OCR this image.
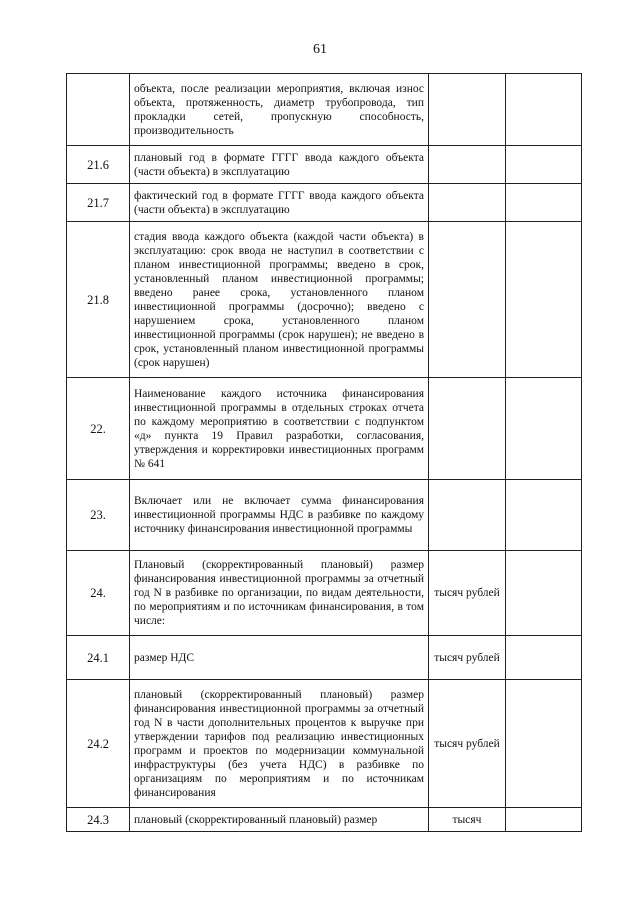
61

	объекта, после реализации мероприятия, включая износ объекта, протяженность, диаметр трубопровода, тип прокладки сетей, пропускную способность, производительность		

21.6	плановый год в формате ГГГГ ввода каждого объекта (части объекта) в эксплуатацию		

21.7	фактический год в формате ГГГГ ввода каждого объекта (части объекта) в эксплуатацию		

21.8	стадия ввода каждого объекта (каждой части объекта) в эксплуатацию: срок ввода не наступил в соответствии с планом инвестиционной программы; введено в срок, установленный планом инвестиционной программы; введено ранее срока, установленного планом инвестиционной программы (досрочно); введено с нарушением срока, установленного планом инвестиционной программы (срок нарушен); не введено в срок, установленный планом инвестиционной программы (срок нарушен)		

22.	Наименование каждого источника финансирования инвестиционной программы в отдельных строках отчета по каждому мероприятию в соответствии с подпунктом «д» пункта 19 Правил разработки, согласования, утверждения и корректировки инвестиционных программ № 641		

23.	Включает или не включает сумма финансирования инвестиционной программы НДС в разбивке по каждому источнику финансирования инвестиционной программы		

24.	Плановый (скорректированный плановый) размер финансирования инвестиционной программы за отчетный год N в разбивке по организации, по видам деятельности, по мероприятиям и по источникам финансирования, в том числе:	тысяч рублей	

24.1	размер НДС	тысяч рублей	

24.2	плановый (скорректированный плановый) размер финансирования инвестиционной программы за отчетный год N в части дополнительных процентов к выручке при утверждении тарифов под реализацию инвестиционных программ и проектов по модернизации коммунальной инфраструктуры (без учета НДС) в разбивке по организациям по мероприятиям и по источникам финансирования	тысяч рублей	

24.3	плановый (скорректированный плановый) размер	тысяч	
